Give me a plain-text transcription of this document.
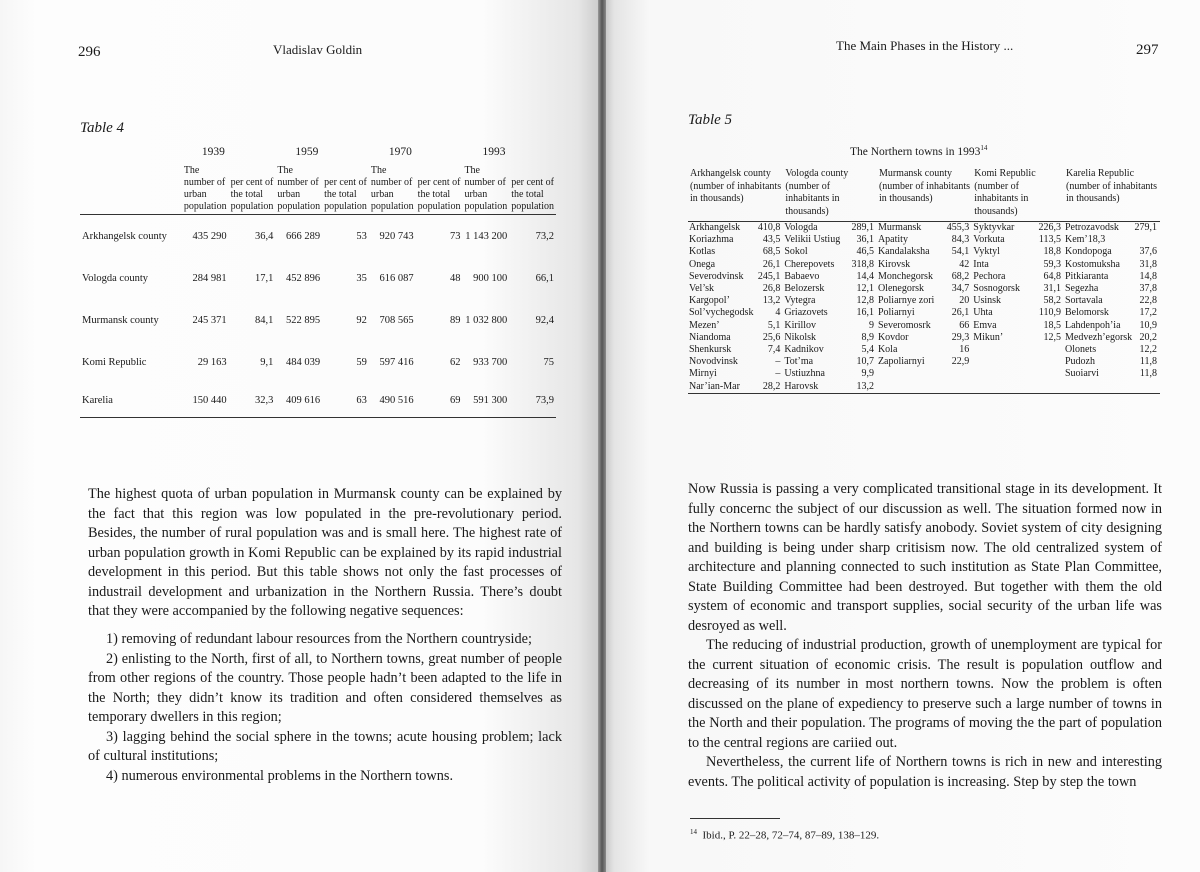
296	Vladislav Goldin
Table 4
	1939		1959		1970		1993	
	The number of urban population	per cent of the total population	The number of urban population	per cent of the total population	The number of urban population	per cent of the total population	The number of urban population	per cent of the total population
Arkhangelsk county	435 290	36,4	666 289	53	920 743	73	1 143 200	73,2
Vologda county	284 981	17,1	452 896	35	616 087	48	900 100	66,1
Murmansk county	245 371	84,1	522 895	92	708 565	89	1 032 800	92,4
Komi Republic	29 163	9,1	484 039	59	597 416	62	933 700	75
Karelia	150 440	32,3	409 616	63	490 516	69	591 300	73,9

The highest quota of urban population in Murmansk county can be explained by the fact that this region was low populated in the pre-revolutionary period. Besides, the number of rural population was and is small here. The highest rate of urban population growth in Komi Republic can be explained by its rapid industrial development in this period. But this table shows not only the fast processes of industrail development and urbanization in the Northern Russia. There’s doubt that they were accompanied by the following negative sequences:

1) removing of redundant labour resources from the Northern countryside;

2) enlisting to the North, first of all, to Northern towns, great number of people from other regions of the country. Those people hadn’t been adapted to the life in the North; they didn’t know its tradition and often considered themselves as temporary dwellers in this region;

3) lagging behind the social sphere in the towns; acute housing problem; lack of cultural institutions;

4) numerous environmental problems in the Northern towns.

The Main Phases in the History ...	297
Table 5
The Northern towns in 1993$^{14}$
Arkhangelsk county (number of inhabitants in thousands)		Vologda county (number of inhabitants in thousands)		Murmansk county (number of inhabitants in thousands)		Komi Republic (number of inhabitants in thousands)		Karelia Republic (number of inhabitants in thousands)	
Arkhangelsk	410,8	Vologda	289,1	Murmansk	455,3	Syktyvkar	226,3	Petrozavodsk	279,1
Koriazhma	43,5	Velikii Ustiug	36,1	Apatity	84,3	Vorkuta	113,5	Kem’18,3	
Kotlas	68,5	Sokol	46,5	Kandalaksha	54,1	Vyktyl	18,8	Kondopoga	37,6
Onega	26,1	Cherepovets	318,8	Kirovsk	42	Inta	59,3	Kostomuksha	31,8
Severodvinsk	245,1	Babaevo	14,4	Monchegorsk	68,2	Pechora	64,8	Pitkiaranta	14,8
Vel’sk	26,8	Belozersk	12,1	Olenegorsk	34,7	Sosnogorsk	31,1	Segezha	37,8
Kargopol’	13,2	Vytegra	12,8	Poliarnye zori	20	Usinsk	58,2	Sortavala	22,8
Sol’vychegodsk	4	Griazovets	16,1	Poliarnyi	26,1	Uhta	110,9	Belomorsk	17,2
Mezen’	5,1	Kirillov	9	Severomosrk	66	Emva	18,5	Lahdenpoh’ia	10,9
Niandoma	25,6	Nikolsk	8,9	Kovdor	29,3	Mikun’	12,5	Medvezh’egorsk	20,2
Shenkursk	7,4	Kadnikov	5,4	Kola	16			Olonets	12,2
Novodvinsk	–	Tot’ma	10,7	Zapoliarnyi	22,9			Pudozh	11,8
Mirnyi	–	Ustiuzhna	9,9					Suoiarvi	11,8
Nar’ian-Mar	28,2	Harovsk	13,2						

Now Russia is passing a very complicated transitional stage in its development. It fully concernc the subject of our discussion as well. The situation formed now in the Northern towns can be hardly satisfy anobody. Soviet system of city designing and building is being under sharp critisism now. The old centralized system of architecture and planning connected to such institution as State Plan Committee, State Building Committee had been destroyed. But together with them the old system of economic and transport supplies, social security of the urban life was desroyed as well.

The reducing of industrial production, growth of unemployment are typical for the current situation of economic crisis. The result is population outflow and decreasing of its number in most northern towns. Now the problem is often discussed on the plane of expediency to preserve such a large number of towns in the North and their population. The programs of moving the the part of population to the central regions are cariied out.

Nevertheless, the current life of Northern towns is rich in new and interesting events. The political activity of population is increasing. Step by step the town

$^{14}$ Ibid., P. 22–28, 72–74, 87–89, 138–129.
